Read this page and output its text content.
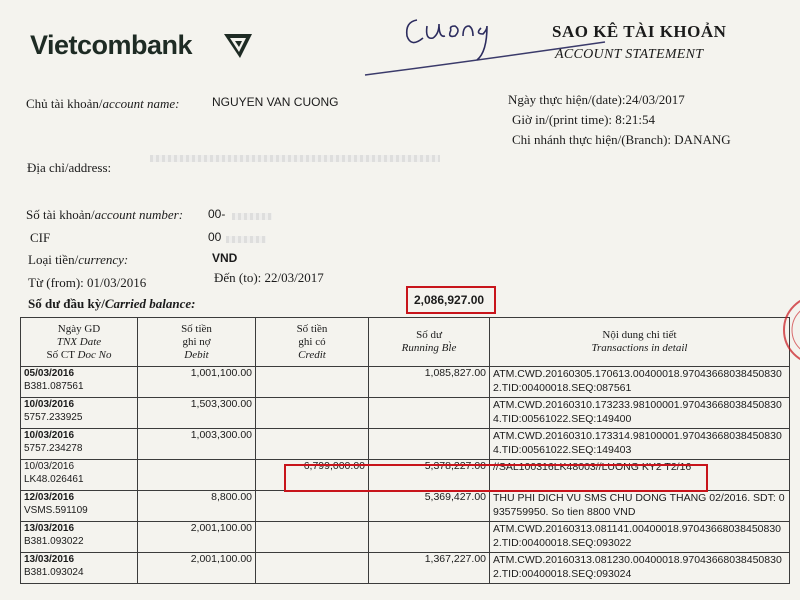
Vietcombank	SAO KÊ TÀI KHOẢN
ACCOUNT STATEMENT
Ngày thực hiện/(date):24/03/2017
Giờ in/(print time): 8:21:54
Chi nhánh thực hiện/(Branch): DANANG
Chủ tài khoản/account name:	NGUYEN VAN CUONG
Địa chỉ/address:
Số tài khoản/account number: 00-
CIF	00
Loại tiền/currency:	VND
Từ (from): 01/03/2016	Đến (to): 22/03/2017
Số dư đầu kỳ/Carried balance:	2,086,927.00
Ngày GD
TNX Date
Số CT Doc No	Số tiền
ghi nợ
Debit	Số tiền
ghi có
Credit	Số dư
Running Bl̀e	Nội dung chi tiết
Transactions in detail
05/03/2016
B381.087561	1,001,100.00		1,085,827.00	ATM.CWD.20160305.170613.00400018.970436680384508302.TID:00400018.SEQ:087561
10/03/2016
5757.233925	1,503,300.00			ATM.CWD.20160310.173233.98100001.970436680384508304.TID:00561022.SEQ:149400
10/03/2016
5757.234278	1,003,300.00			ATM.CWD.20160310.173314.98100001.970436680384508304.TID:00561022.SEQ:149403
10/03/2016
LK48.026461		6,799,000.00	5,378,227.00	//SAL100316LK48003//LUONG KY2 T2/16
12/03/2016
VSMS.591109	8,800.00		5,369,427.00	THU PHI DICH VU SMS CHU DONG THANG 02/2016. SDT: 0935759950. So tien 8800 VND
13/03/2016
B381.093022	2,001,100.00			ATM.CWD.20160313.081141.00400018.970436680384508302.TID:00400018.SEQ:093022
13/03/2016
B381.093024	2,001,100.00		1,367,227.00	ATM.CWD.20160313.081230.00400018.970436680384508302.TID:00400018.SEQ:093024
